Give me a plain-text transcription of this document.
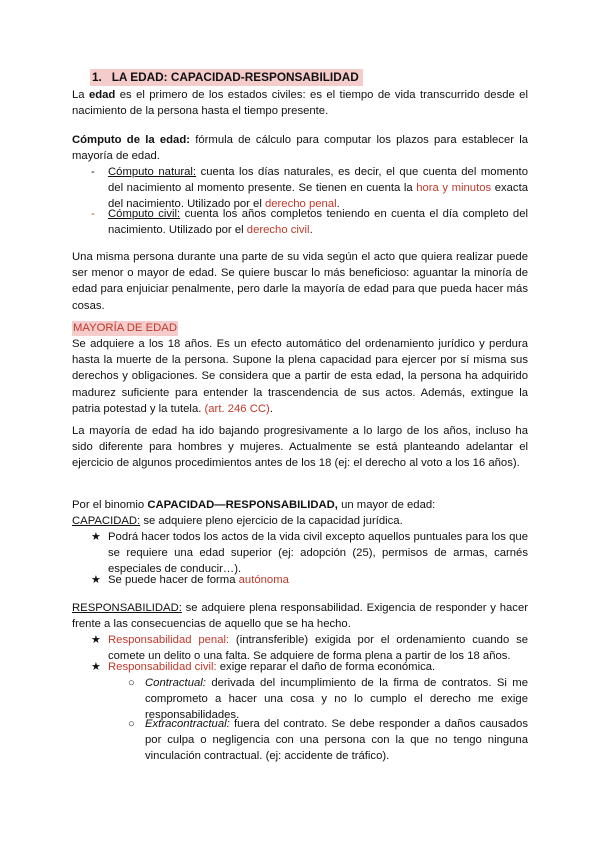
1. LA EDAD: CAPACIDAD-RESPONSABILIDAD
La edad es el primero de los estados civiles: es el tiempo de vida transcurrido desde el nacimiento de la persona hasta el tiempo presente.
Cómputo de la edad: fórmula de cálculo para computar los plazos para establecer la mayoría de edad.
- Cómputo natural: cuenta los días naturales, es decir, el que cuenta del momento del nacimiento al momento presente. Se tienen en cuenta la hora y minutos exacta del nacimiento. Utilizado por el derecho penal.
- Cómputo civil: cuenta los años completos teniendo en cuenta el día completo del nacimiento. Utilizado por el derecho civil.
Una misma persona durante una parte de su vida según el acto que quiera realizar puede ser menor o mayor de edad. Se quiere buscar lo más beneficioso: aguantar la minoría de edad para enjuiciar penalmente, pero darle la mayoría de edad para que pueda hacer más cosas.
MAYORÍA DE EDAD
Se adquiere a los 18 años. Es un efecto automático del ordenamiento jurídico y perdura hasta la muerte de la persona. Supone la plena capacidad para ejercer por sí misma sus derechos y obligaciones. Se considera que a partir de esta edad, la persona ha adquirido madurez suficiente para entender la trascendencia de sus actos. Además, extingue la patria potestad y la tutela. (art. 246 CC).
La mayoría de edad ha ido bajando progresivamente a lo largo de los años, incluso ha sido diferente para hombres y mujeres. Actualmente se está planteando adelantar el ejercicio de algunos procedimientos antes de los 18 (ej: el derecho al voto a los 16 años).
Por el binomio CAPACIDAD—RESPONSABILIDAD, un mayor de edad:
CAPACIDAD: se adquiere pleno ejercicio de la capacidad jurídica.
★ Podrá hacer todos los actos de la vida civil excepto aquellos puntuales para los que se requiere una edad superior (ej: adopción (25), permisos de armas, carnés especiales de conducir…).
★ Se puede hacer de forma autónoma
RESPONSABILIDAD: se adquiere plena responsabilidad. Exigencia de responder y hacer frente a las consecuencias de aquello que se ha hecho.
★ Responsabilidad penal: (intransferible) exigida por el ordenamiento cuando se comete un delito o una falta. Se adquiere de forma plena a partir de los 18 años.
★ Responsabilidad civil: exige reparar el daño de forma económica.
○ Contractual: derivada del incumplimiento de la firma de contratos. Si me comprometo a hacer una cosa y no lo cumplo el derecho me exige responsabilidades.
○ Extracontractual: fuera del contrato. Se debe responder a daños causados por culpa o negligencia con una persona con la que no tengo ninguna vinculación contractual. (ej: accidente de tráfico).
